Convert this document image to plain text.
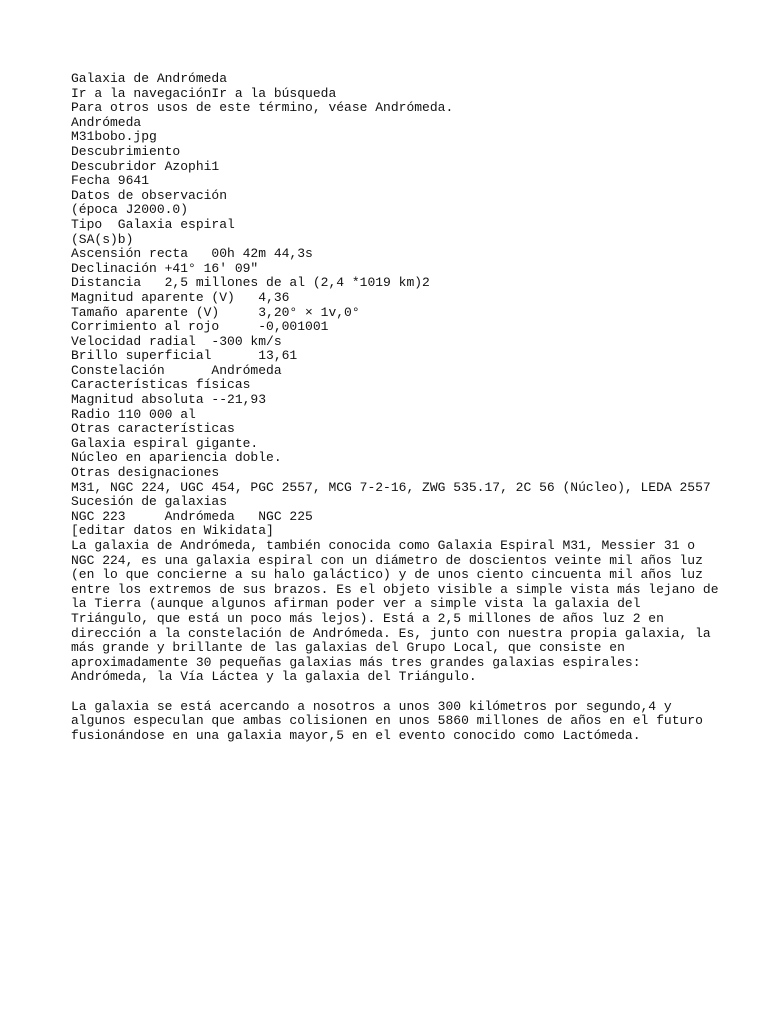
Galaxia de Andrómeda
Ir a la navegaciónIr a la búsqueda
Para otros usos de este término, véase Andrómeda.
Andrómeda
M31bobo.jpg
Descubrimiento
Descubridor Azophi1
Fecha 9641
Datos de observación
(época J2000.0)
Tipo  Galaxia espiral
(SA(s)b)
Ascensión recta   00h 42m 44,3s
Declinación +41° 16' 09"
Distancia   2,5 millones de al (2,4 *1019 km)2
Magnitud aparente (V)   4,36
Tamaño aparente (V)     3,20° × 1v,0°
Corrimiento al rojo     -0,001001
Velocidad radial  -300 km/s
Brillo superficial      13,61
Constelación      Andrómeda
Características físicas
Magnitud absoluta --21,93
Radio 110 000 al
Otras características
Galaxia espiral gigante.
Núcleo en apariencia doble.
Otras designaciones
M31, NGC 224, UGC 454, PGC 2557, MCG 7-2-16, ZWG 535.17, 2C 56 (Núcleo), LEDA 2557
Sucesión de galaxias
NGC 223     Andrómeda   NGC 225
[editar datos en Wikidata]
La galaxia de Andrómeda, también conocida como Galaxia Espiral M31, Messier 31 o
NGC 224, es una galaxia espiral con un diámetro de doscientos veinte mil años luz
(en lo que concierne a su halo galáctico) y de unos ciento cincuenta mil años luz
entre los extremos de sus brazos. Es el objeto visible a simple vista más lejano de
la Tierra (aunque algunos afirman poder ver a simple vista la galaxia del
Triángulo, que está un poco más lejos). Está a 2,5 millones de años luz 2 en
dirección a la constelación de Andrómeda. Es, junto con nuestra propia galaxia, la
más grande y brillante de las galaxias del Grupo Local, que consiste en
aproximadamente 30 pequeñas galaxias más tres grandes galaxias espirales:
Andrómeda, la Vía Láctea y la galaxia del Triángulo.
La galaxia se está acercando a nosotros a unos 300 kilómetros por segundo,4 y
algunos especulan que ambas colisionen en unos 5860 millones de años en el futuro
fusionándose en una galaxia mayor,5 en el evento conocido como Lactómeda.
